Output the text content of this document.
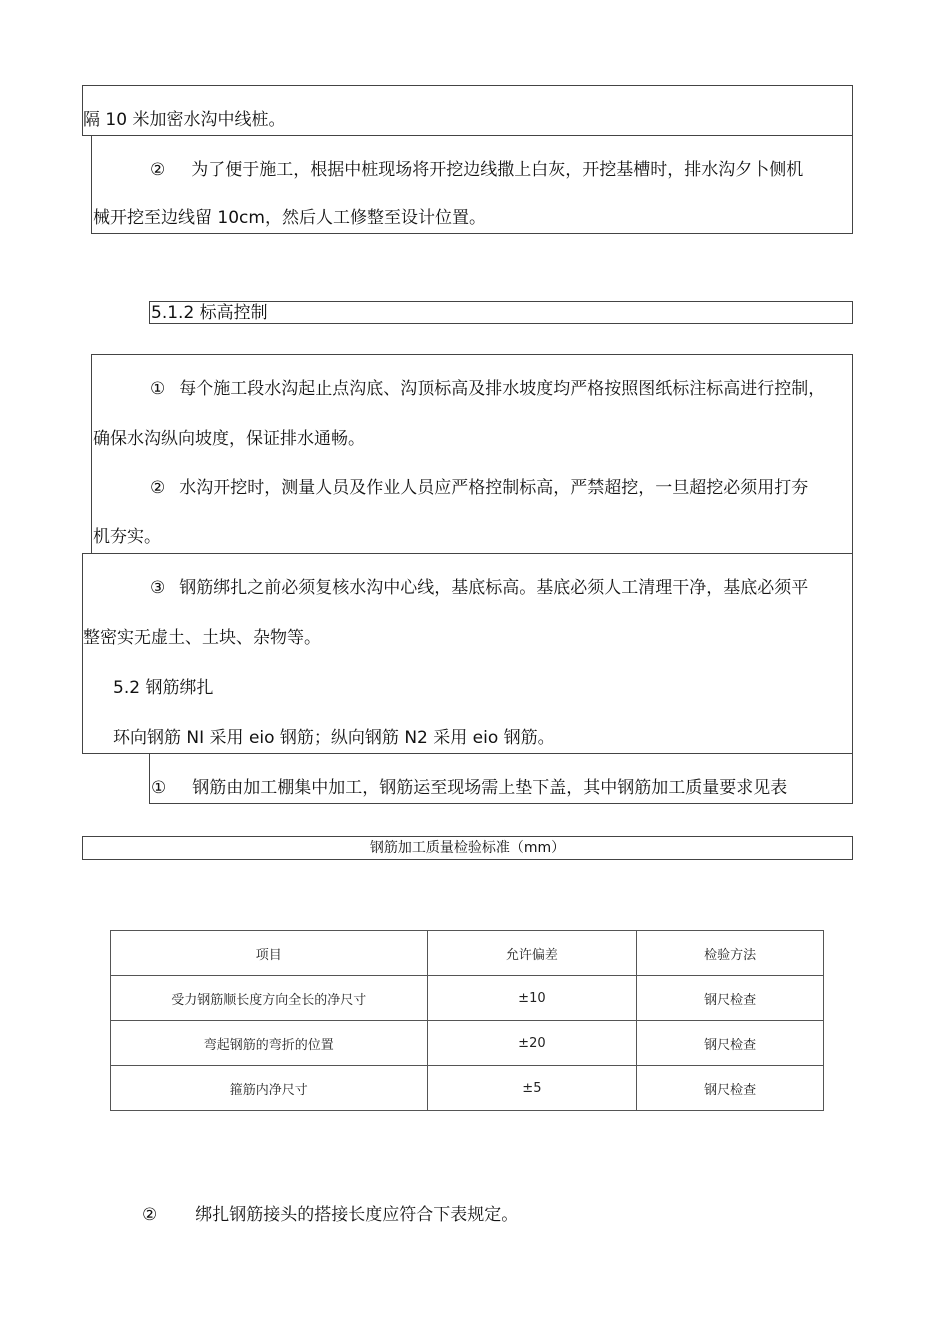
隔 10 米加密水沟中线桩。
② 为了便于施工，根据中桩现场将开挖边线撒上白灰，开挖基槽时，排水沟夕卜侧机
械开挖至边线留 10cm，然后人工修整至设计位置。
5.1.2 标高控制
① 每个施工段水沟起止点沟底、沟顶标高及排水坡度均严格按照图纸标注标高进行控制，
确保水沟纵向坡度，保证排水通畅。
② 水沟开挖时，测量人员及作业人员应严格控制标高，严禁超挖，一旦超挖必须用打夯
机夯实。
③ 钢筋绑扎之前必须复核水沟中心线，基底标高。基底必须人工清理干净，基底必须平
整密实无虚土、土块、杂物等。
5.2 钢筋绑扎
环向钢筋 NI 采用 eio 钢筋；纵向钢筋 N2 采用 eio 钢筋。
① 钢筋由加工棚集中加工，钢筋运至现场需上垫下盖，其中钢筋加工质量要求见表
钢筋加工质量检验标准（mm）
项目	允许偏差	检验方法
受力钢筋顺长度方向全长的净尺寸	±10	钢尺检查
弯起钢筋的弯折的位置	±20	钢尺检查
箍筋内净尺寸	±5	钢尺检查
② 绑扎钢筋接头的搭接长度应符合下表规定。
